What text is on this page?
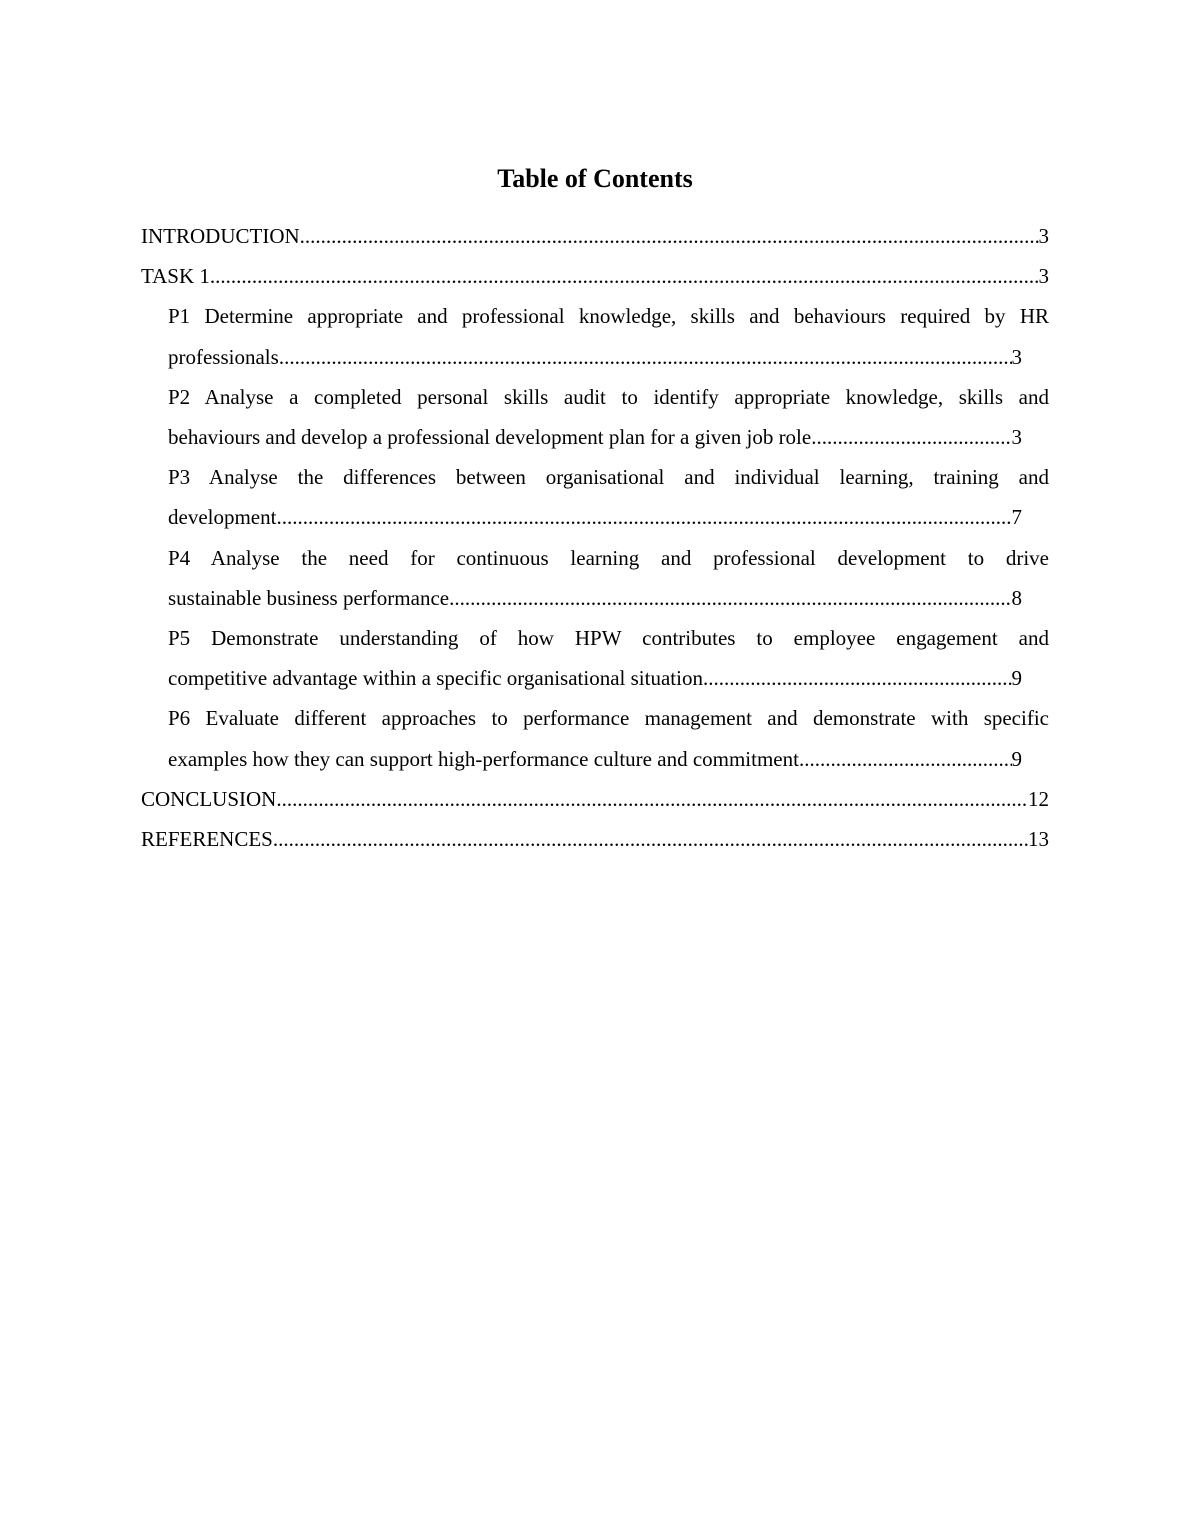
Table of Contents
INTRODUCTION .....	3
TASK 1 .....	3
P1 Determine appropriate and professional knowledge, skills and behaviours required by HR
professionals .....	3
P2 Analyse a completed personal skills audit to identify appropriate knowledge, skills and
behaviours and develop a professional development plan for a given job role .....	3
P3 Analyse the differences between organisational and individual learning, training and
development .....	7
P4 Analyse the need for continuous learning and professional development to drive
sustainable business performance .....	8
P5 Demonstrate understanding of how HPW contributes to employee engagement and
competitive advantage within a specific organisational situation .....	9
P6 Evaluate different approaches to performance management and demonstrate with specific
examples how they can support high-performance culture and commitment .....	9
CONCLUSION .....	12
REFERENCES .....	13
